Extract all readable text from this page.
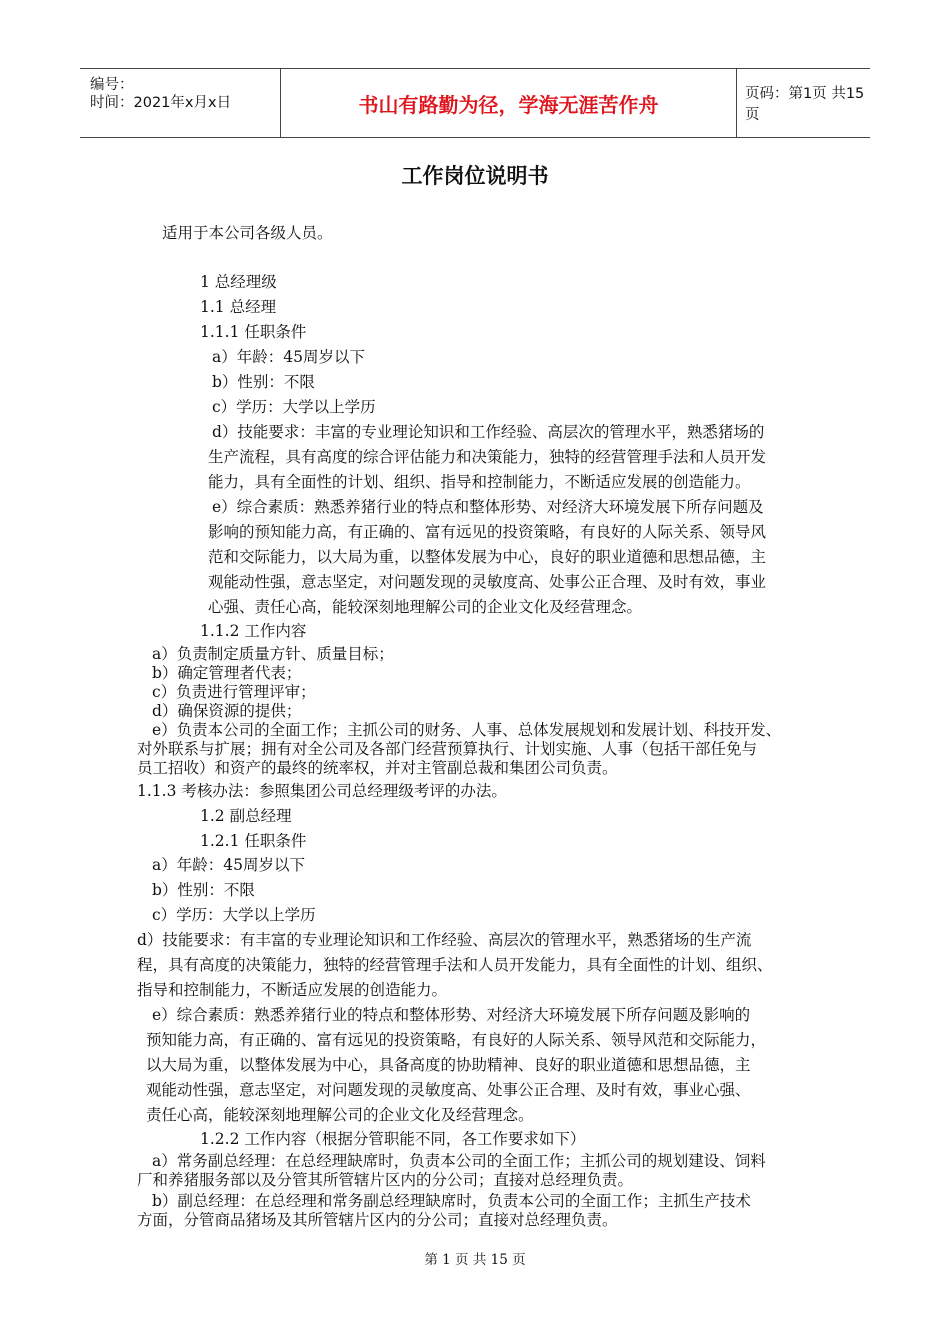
编号：
时间：2021年x月x日	书山有路勤为径，学海无涯苦作舟	页码：第1页 共15页
工作岗位说明书
适用于本公司各级人员。
1 总经理级
1.1 总经理
1.1.1 任职条件
a）年龄：45周岁以下
b）性别：不限
c）学历：大学以上学历
d）技能要求：丰富的专业理论知识和工作经验、高层次的管理水平，熟悉猪场的
生产流程，具有高度的综合评估能力和决策能力，独特的经营管理手法和人员开发
能力，具有全面性的计划、组织、指导和控制能力，不断适应发展的创造能力。
e）综合素质：熟悉养猪行业的特点和整体形势、对经济大环境发展下所存问题及
影响的预知能力高，有正确的、富有远见的投资策略，有良好的人际关系、领导风
范和交际能力，以大局为重，以整体发展为中心，良好的职业道德和思想品德，主
观能动性强，意志坚定，对问题发现的灵敏度高、处事公正合理、及时有效，事业
心强、责任心高，能较深刻地理解公司的企业文化及经营理念。
1.1.2 工作内容
a）负责制定质量方针、质量目标；
b）确定管理者代表；
c）负责进行管理评审；
d）确保资源的提供；
e）负责本公司的全面工作；主抓公司的财务、人事、总体发展规划和发展计划、科技开发、
对外联系与扩展；拥有对全公司及各部门经营预算执行、计划实施、人事（包括干部任免与
员工招收）和资产的最终的统率权，并对主管副总裁和集团公司负责。
1.1.3 考核办法：参照集团公司总经理级考评的办法。
1.2 副总经理
1.2.1 任职条件
a）年龄：45周岁以下
b）性别：不限
c）学历：大学以上学历
d）技能要求：有丰富的专业理论知识和工作经验、高层次的管理水平，熟悉猪场的生产流
程，具有高度的决策能力，独特的经营管理手法和人员开发能力，具有全面性的计划、组织、
指导和控制能力，不断适应发展的创造能力。
e）综合素质：熟悉养猪行业的特点和整体形势、对经济大环境发展下所存问题及影响的
预知能力高，有正确的、富有远见的投资策略，有良好的人际关系、领导风范和交际能力，
以大局为重，以整体发展为中心，具备高度的协助精神、良好的职业道德和思想品德，主
观能动性强，意志坚定，对问题发现的灵敏度高、处事公正合理、及时有效，事业心强、
责任心高，能较深刻地理解公司的企业文化及经营理念。
1.2.2 工作内容（根据分管职能不同，各工作要求如下）
a）常务副总经理：在总经理缺席时，负责本公司的全面工作；主抓公司的规划建设、饲料
厂和养猪服务部以及分管其所管辖片区内的分公司；直接对总经理负责。
b）副总经理：在总经理和常务副总经理缺席时，负责本公司的全面工作；主抓生产技术
方面，分管商品猪场及其所管辖片区内的分公司；直接对总经理负责。
第 1 页 共 15 页
